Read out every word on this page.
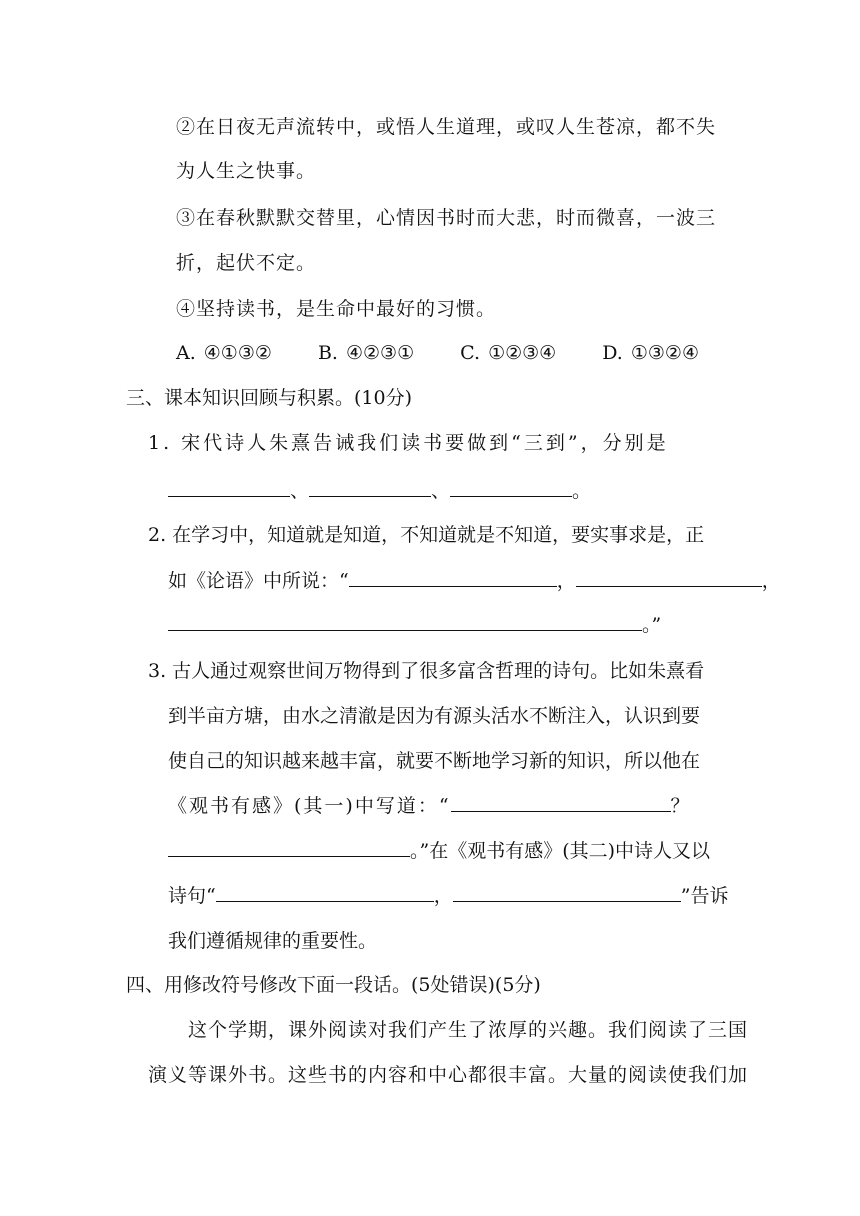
②在日夜无声流转中，或悟人生道理，或叹人生苍凉，都不失
为人生之快事。
③在春秋默默交替里，心情因书时而大悲，时而微喜，一波三
折，起伏不定。
④坚持读书，是生命中最好的习惯。
A. ④①③② B. ④②③① C. ①②③④ D. ①③②④
三、课本知识回顾与积累。(10分)
1. 宋代诗人朱熹告诫我们读书要做到“三到”，分别是
、	、	。
2. 在学习中，知道就是知道，不知道就是不知道，要实事求是，正
如《论语》中所说：“	，	，
。”
3. 古人通过观察世间万物得到了很多富含哲理的诗句。比如朱熹看
到半亩方塘，由水之清澈是因为有源头活水不断注入，认识到要
使自己的知识越来越丰富，就要不断地学习新的知识，所以他在
《观书有感》(其一)中写道：“	？
。”在《观书有感》(其二)中诗人又以
诗句“	，	”告诉
我们遵循规律的重要性。
四、用修改符号修改下面一段话。(5处错误)(5分)
这个学期，课外阅读对我们产生了浓厚的兴趣。我们阅读了三国
演义等课外书。这些书的内容和中心都很丰富。大量的阅读使我们加
